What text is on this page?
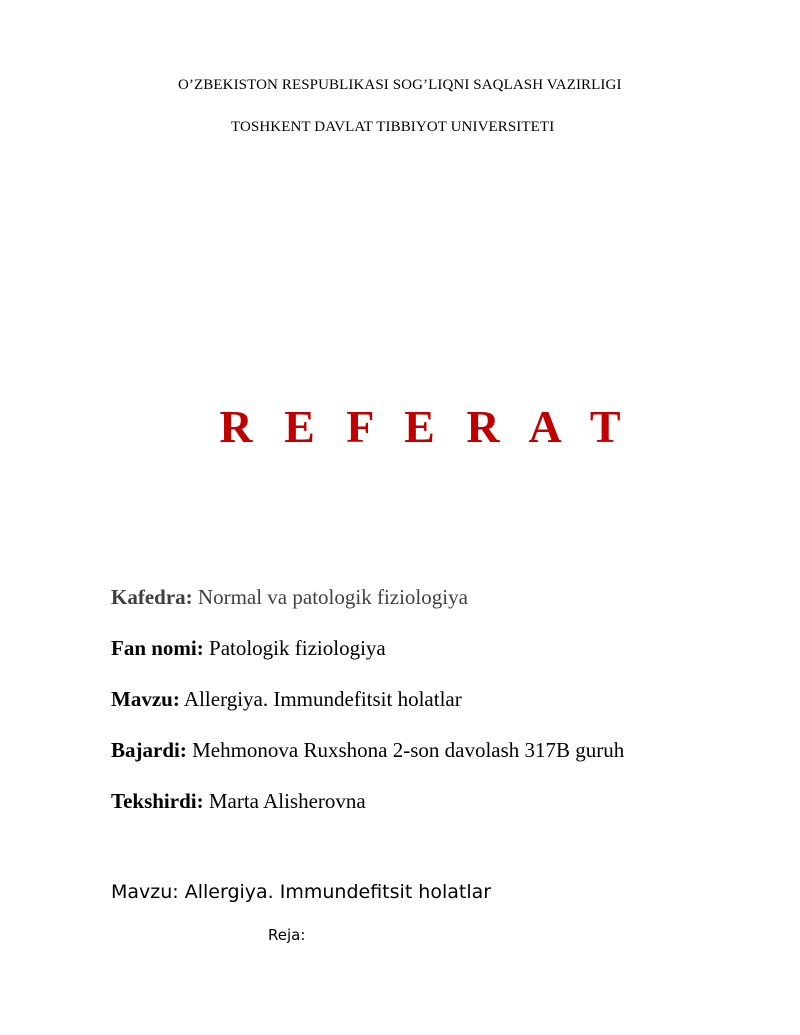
O’ZBEKISTON RESPUBLIKASI SOG’LIQNI SAQLASH VAZIRLIGI
TOSHKENT DAVLAT TIBBIYOT UNIVERSITETI
R E F E R A T
Kafedra: Normal va patologik fiziologiya
Fan nomi: Patologik fiziologiya
Mavzu: Allergiya. Immundefitsit holatlar
Bajardi: Mehmonova Ruxshona 2-son davolash 317B guruh
Tekshirdi: Marta Alisherovna
Mavzu: Allergiya. Immundefitsit holatlar
Reja:
